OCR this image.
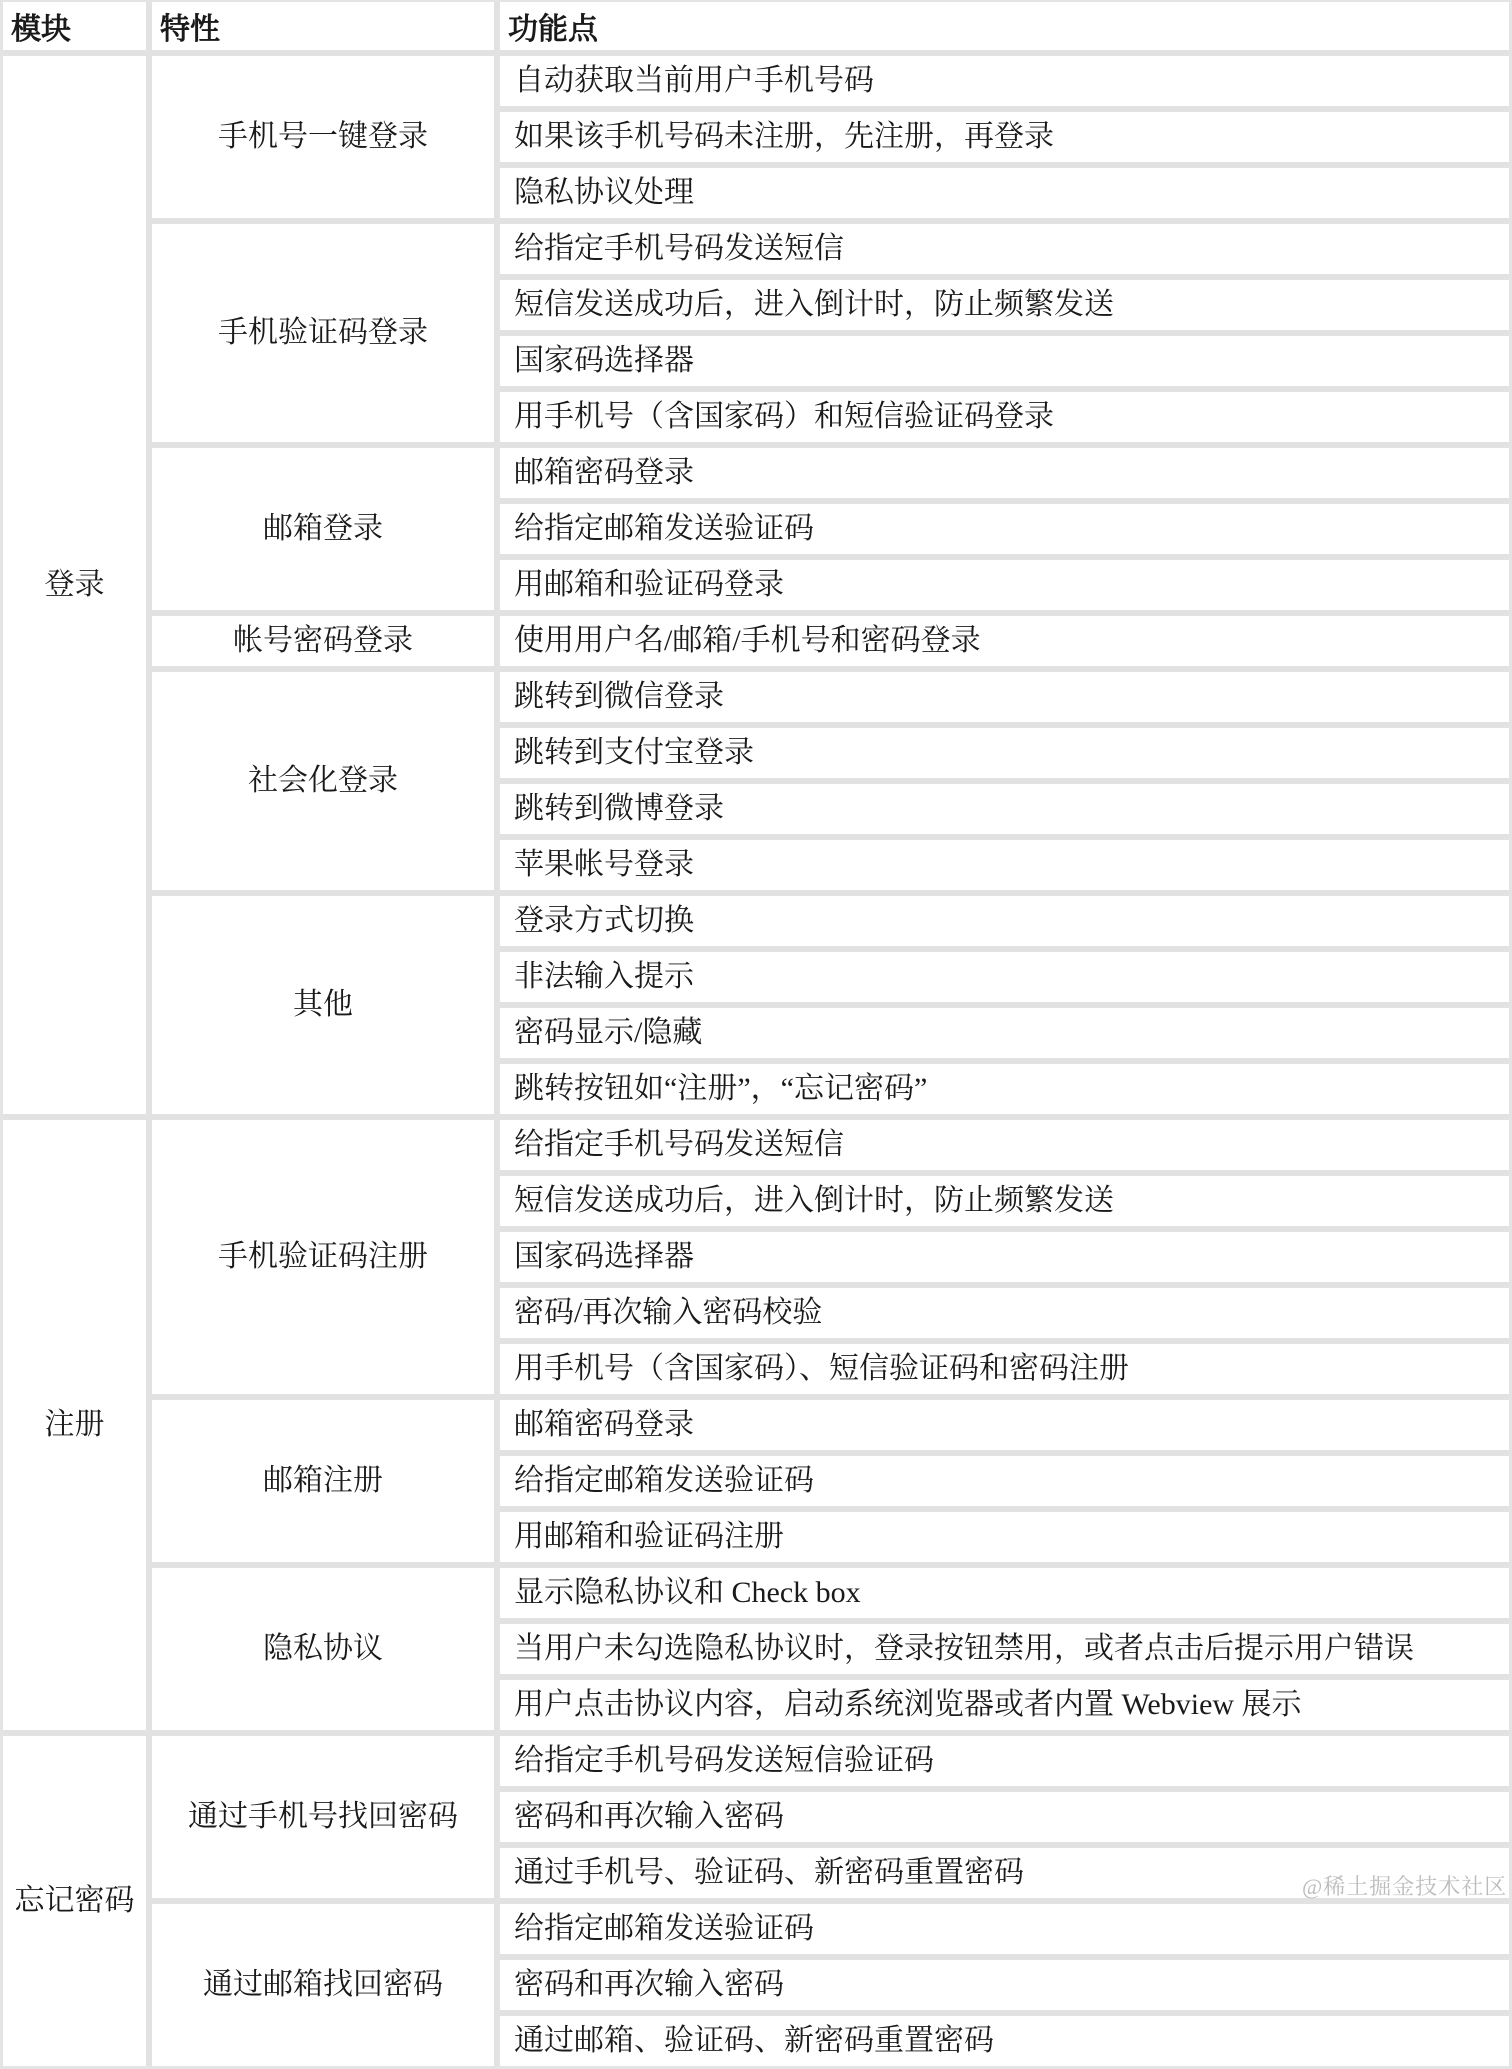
模块	特性	功能点
登录	手机号一键登录	自动获取当前用户手机号码
		如果该手机号码未注册，先注册，再登录
		隐私协议处理
	手机验证码登录	给指定手机号码发送短信
		短信发送成功后，进入倒计时，防止频繁发送
		国家码选择器
		用手机号（含国家码）和短信验证码登录
	邮箱登录	邮箱密码登录
		给指定邮箱发送验证码
		用邮箱和验证码登录
	帐号密码登录	使用用户名/邮箱/手机号和密码登录
	社会化登录	跳转到微信登录
		跳转到支付宝登录
		跳转到微博登录
		苹果帐号登录
	其他	登录方式切换
		非法输入提示
		密码显示/隐藏
		跳转按钮如“注册”，“忘记密码”
注册	手机验证码注册	给指定手机号码发送短信
		短信发送成功后，进入倒计时，防止频繁发送
		国家码选择器
		密码/再次输入密码校验
		用手机号（含国家码）、短信验证码和密码注册
	邮箱注册	邮箱密码登录
		给指定邮箱发送验证码
		用邮箱和验证码注册
	隐私协议	显示隐私协议和 Check box
		当用户未勾选隐私协议时，登录按钮禁用，或者点击后提示用户错误
		用户点击协议内容，启动系统浏览器或者内置 Webview 展示
忘记密码	通过手机号找回密码	给指定手机号码发送短信验证码
		密码和再次输入密码
		通过手机号、验证码、新密码重置密码
	通过邮箱找回密码	给指定邮箱发送验证码
		密码和再次输入密码
		通过邮箱、验证码、新密码重置密码
@稀土掘金技术社区
